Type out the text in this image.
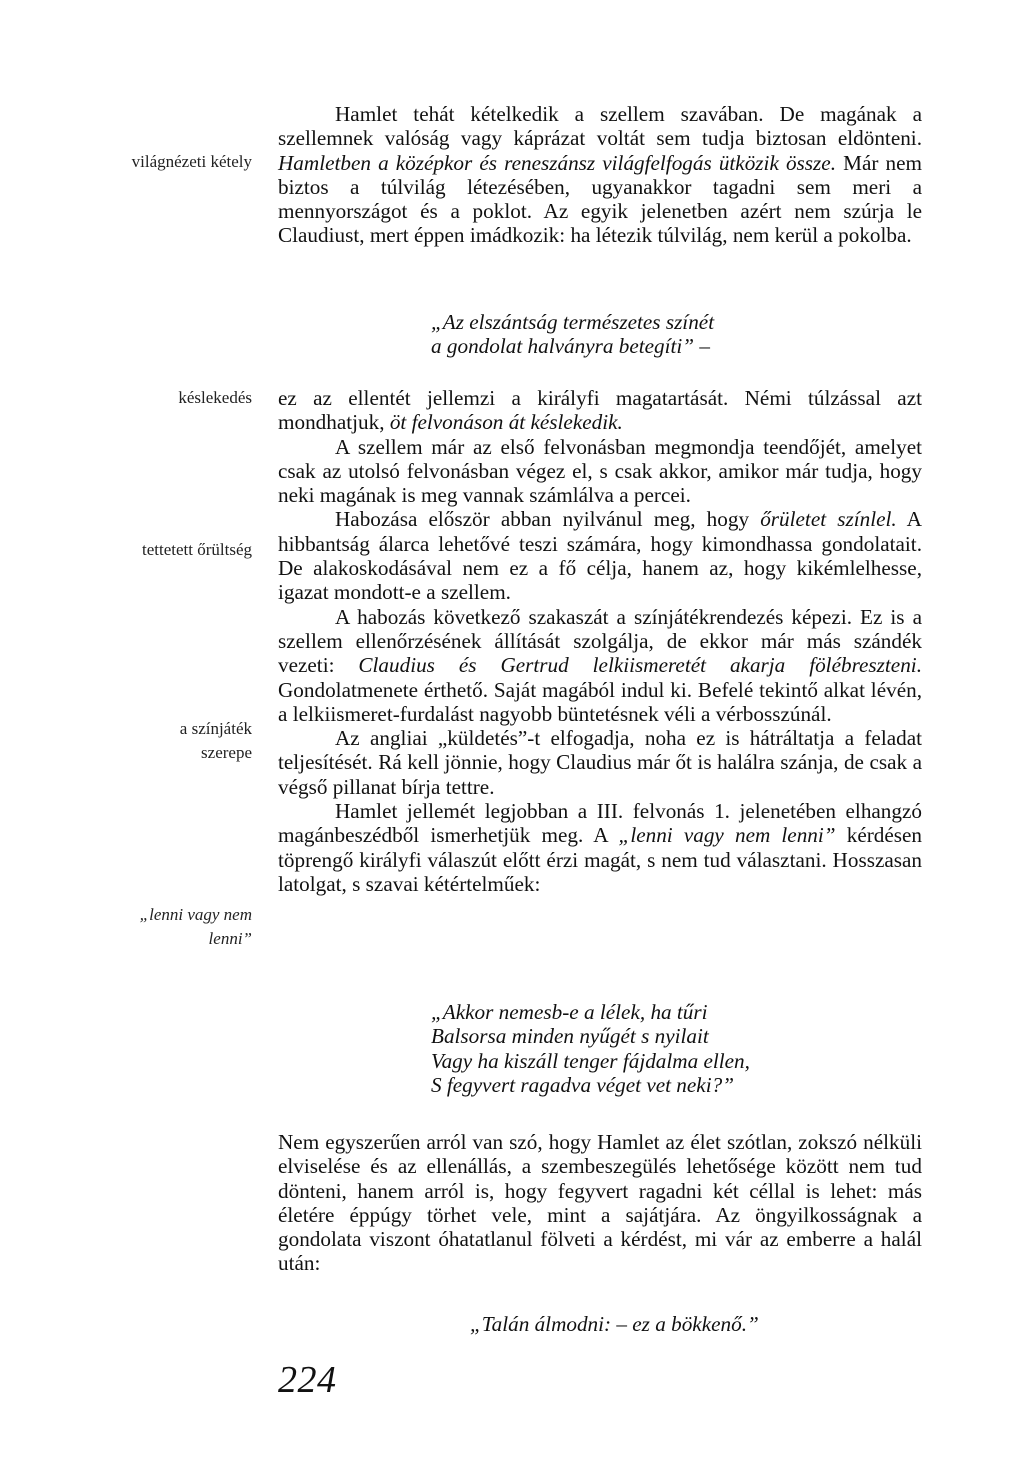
világnézeti kétely
késlekedés
tettetett őrültség
a színjáték
szerepe
„lenni vagy nem
lenni”

Hamlet tehát kételkedik a szellem szavában. De magának a szellemnek valóság vagy káprázat voltát sem tudja biztosan eldönteni. Hamletben a középkor és reneszánsz világfelfogás ütközik össze. Már nem biztos a túlvilág létezésében, ugyanakkor tagadni sem meri a mennyországot és a poklot. Az egyik jelenetben azért nem szúrja le Claudiust, mert éppen imádkozik: ha létezik túlvilág, nem kerül a pokolba.

„Az elszántság természetes színét
a gondolat halványra betegíti” –

ez az ellentét jellemzi a királyfi magatartását. Némi túlzással azt mondhatjuk, öt felvonáson át késlekedik.

A szellem már az első felvonásban megmondja teendőjét, amelyet csak az utolsó felvonásban végez el, s csak akkor, amikor már tudja, hogy neki magának is meg vannak számlálva a percei.

Habozása először abban nyilvánul meg, hogy őrületet színlel. A hibbantság álarca lehetővé teszi számára, hogy kimondhassa gondolatait. De alakoskodásával nem ez a fő célja, hanem az, hogy kikémlelhesse, igazat mondott-e a szellem.

A habozás következő szakaszát a színjátékrendezés képezi. Ez is a szellem ellenőrzésének állítását szolgálja, de ekkor már más szándék vezeti: Claudius és Gertrud lelkiismeretét akarja fölébreszteni. Gondolatmenete érthető. Saját magából indul ki. Befelé tekintő alkat lévén, a lelkiismeret-furdalást nagyobb büntetésnek véli a vérbosszúnál.

Az angliai „küldetés”-t elfogadja, noha ez is hátráltatja a feladat teljesítését. Rá kell jönnie, hogy Claudius már őt is halálra szánja, de csak a végső pillanat bírja tettre.

Hamlet jellemét legjobban a III. felvonás 1. jelenetében elhangzó magánbeszédből ismerhetjük meg. A „lenni vagy nem lenni” kérdésen töprengő királyfi válaszút előtt érzi magát, s nem tud választani. Hosszasan latolgat, s szavai kétértelműek:

„Akkor nemesb-e a lélek, ha tűri
Balsorsa minden nyűgét s nyilait
Vagy ha kiszáll tenger fájdalma ellen,
S fegyvert ragadva véget vet neki?”

Nem egyszerűen arról van szó, hogy Hamlet az élet szótlan, zokszó nélküli elviselése és az ellenállás, a szembeszegülés lehetősége között nem tud dönteni, hanem arról is, hogy fegyvert ragadni két céllal is lehet: más életére éppúgy törhet vele, mint a sajátjára. Az öngyilkosságnak a gondolata viszont óhatatlanul fölveti a kérdést, mi vár az emberre a halál után:

„Talán álmodni: – ez a bökkenő.”
224
